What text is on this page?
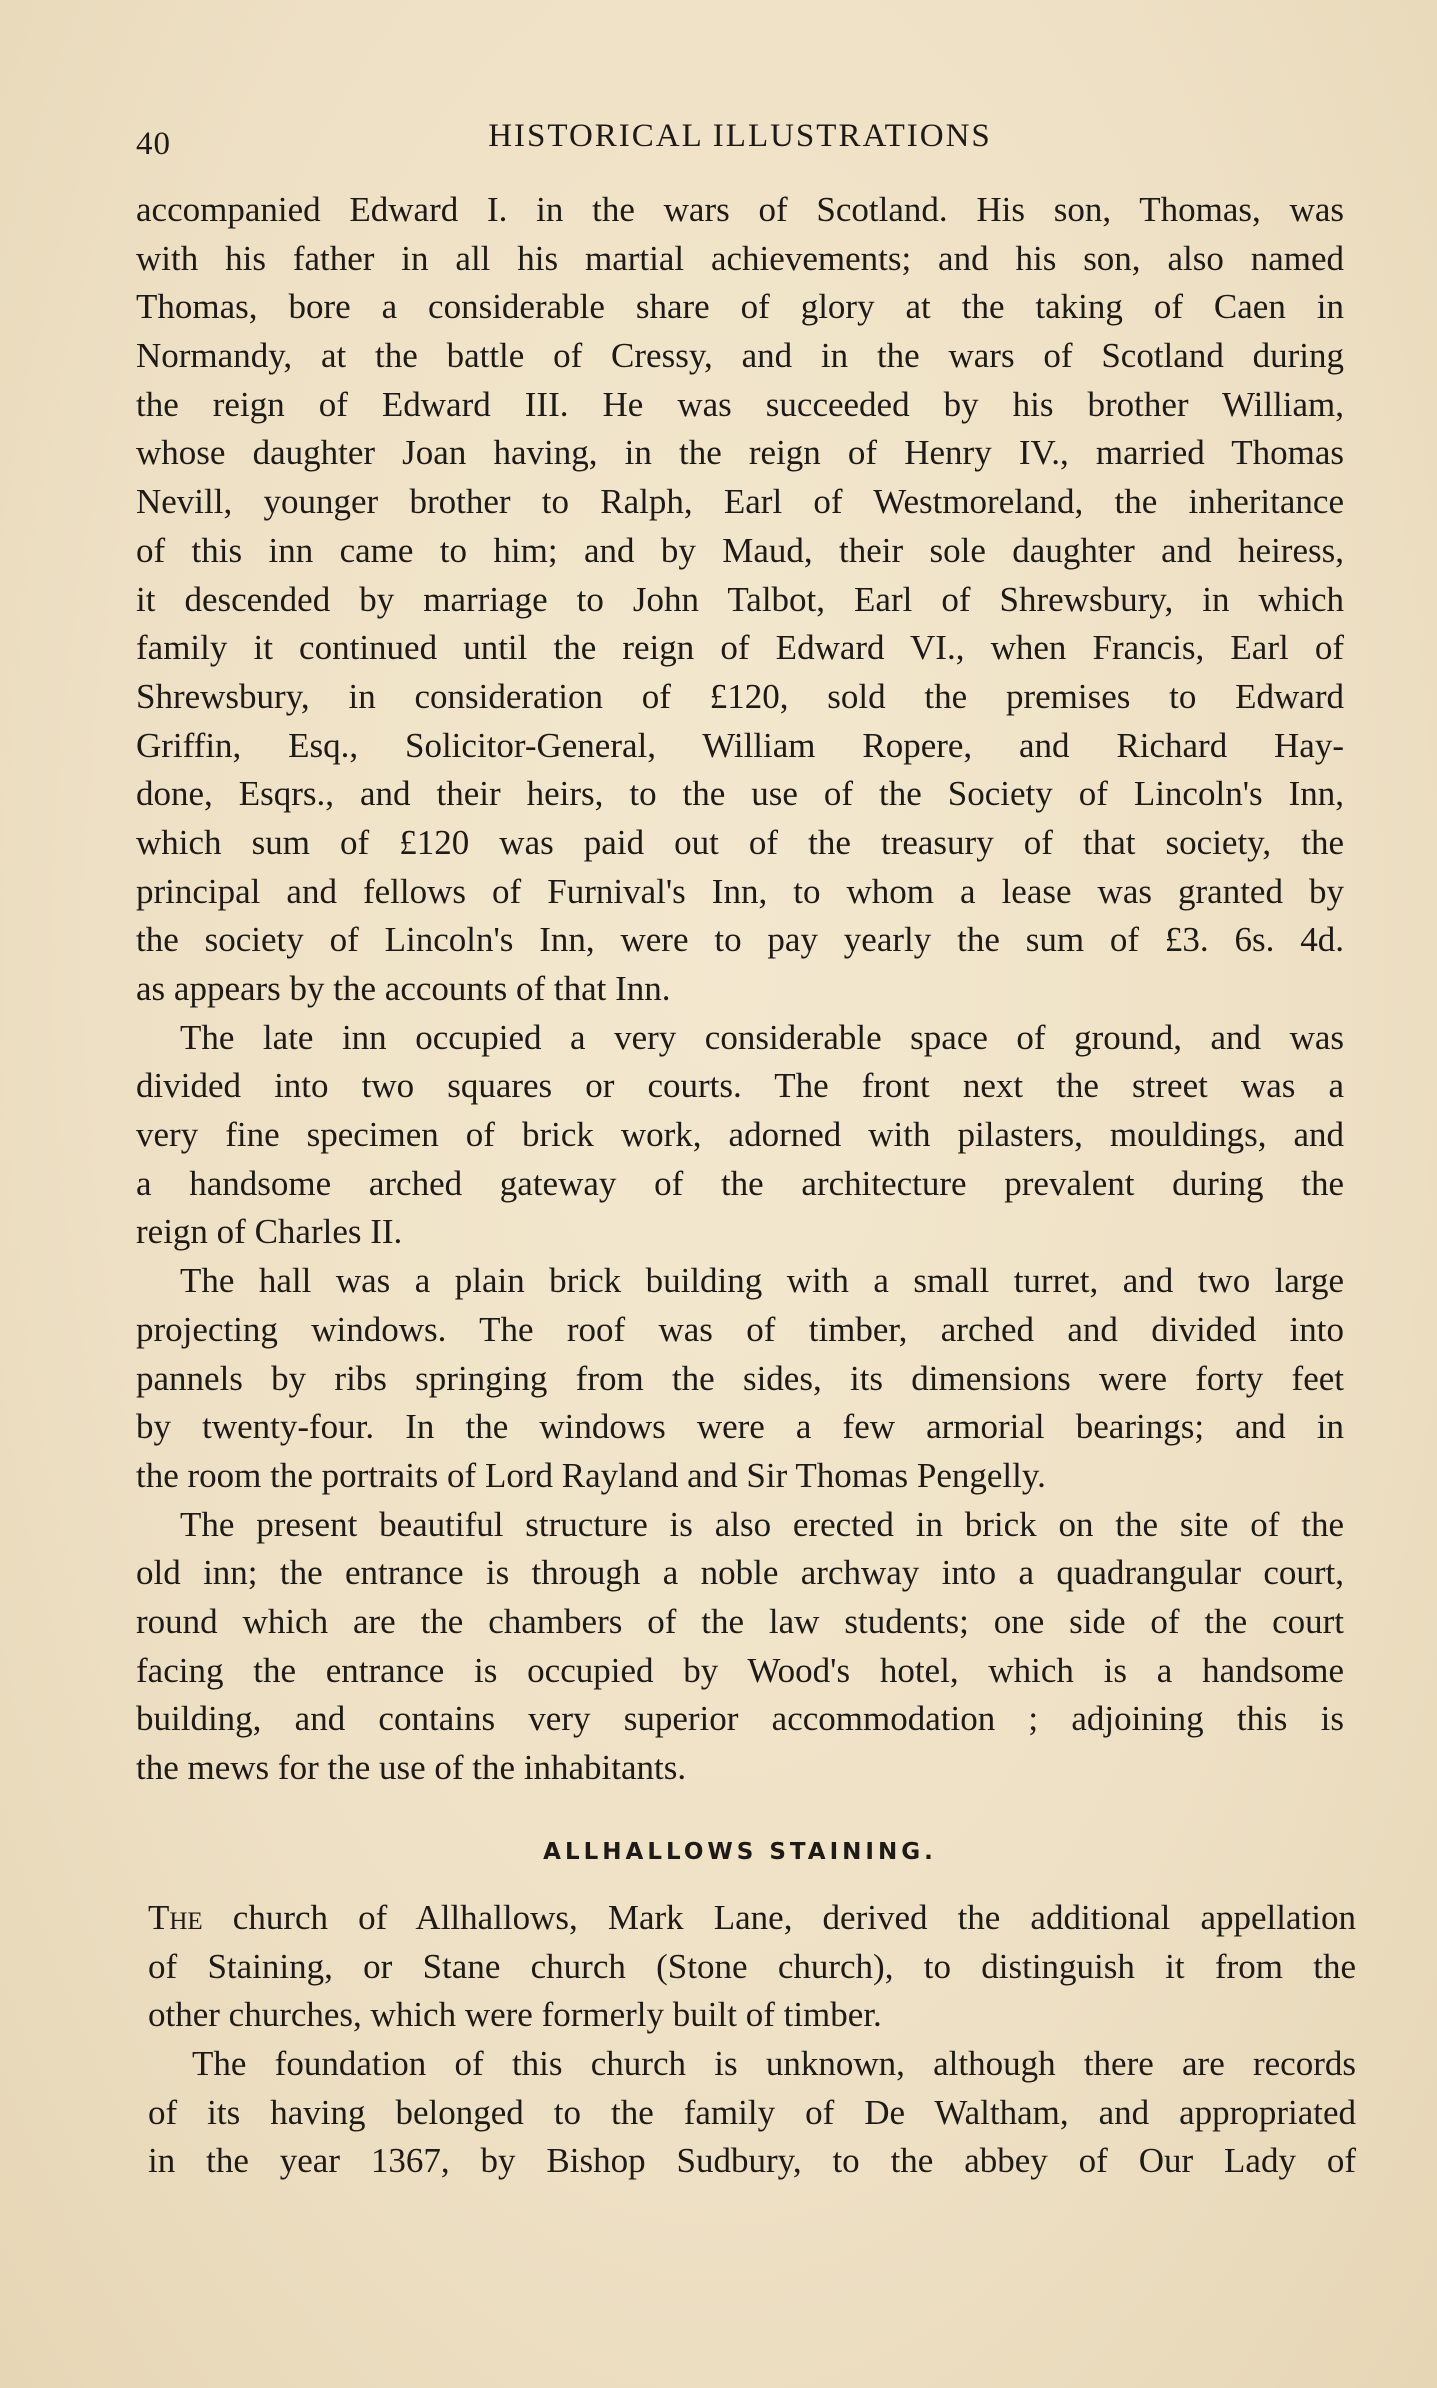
40	HISTORICAL ILLUSTRATIONS
accompanied Edward I. in the wars of Scotland. His son, Thomas, was
with his father in all his martial achievements; and his son, also named
Thomas, bore a considerable share of glory at the taking of Caen in
Normandy, at the battle of Cressy, and in the wars of Scotland during
the reign of Edward III. He was succeeded by his brother William,
whose daughter Joan having, in the reign of Henry IV., married Thomas
Nevill, younger brother to Ralph, Earl of Westmoreland, the inheritance
of this inn came to him; and by Maud, their sole daughter and heiress,
it descended by marriage to John Talbot, Earl of Shrewsbury, in which
family it continued until the reign of Edward VI., when Francis, Earl of
Shrewsbury, in consideration of £120, sold the premises to Edward
Griffin, Esq., Solicitor-General, William Ropere, and Richard Hay-
done, Esqrs., and their heirs, to the use of the Society of Lincoln's Inn,
which sum of £120 was paid out of the treasury of that society, the
principal and fellows of Furnival's Inn, to whom a lease was granted by
the society of Lincoln's Inn, were to pay yearly the sum of £3. 6s. 4d.
as appears by the accounts of that Inn.
The late inn occupied a very considerable space of ground, and was
divided into two squares or courts. The front next the street was a
very fine specimen of brick work, adorned with pilasters, mouldings, and
a handsome arched gateway of the architecture prevalent during the
reign of Charles II.
The hall was a plain brick building with a small turret, and two large
projecting windows. The roof was of timber, arched and divided into
pannels by ribs springing from the sides, its dimensions were forty feet
by twenty-four. In the windows were a few armorial bearings; and in
the room the portraits of Lord Rayland and Sir Thomas Pengelly.
The present beautiful structure is also erected in brick on the site of the
old inn; the entrance is through a noble archway into a quadrangular court,
round which are the chambers of the law students; one side of the court
facing the entrance is occupied by Wood's hotel, which is a handsome
building, and contains very superior accommodation ; adjoining this is
the mews for the use of the inhabitants.
ALLHALLOWS STAINING.
The church of Allhallows, Mark Lane, derived the additional appellation
of Staining, or Stane church (Stone church), to distinguish it from the
other churches, which were formerly built of timber.
The foundation of this church is unknown, although there are records
of its having belonged to the family of De Waltham, and appropriated
in the year 1367, by Bishop Sudbury, to the abbey of Our Lady of
